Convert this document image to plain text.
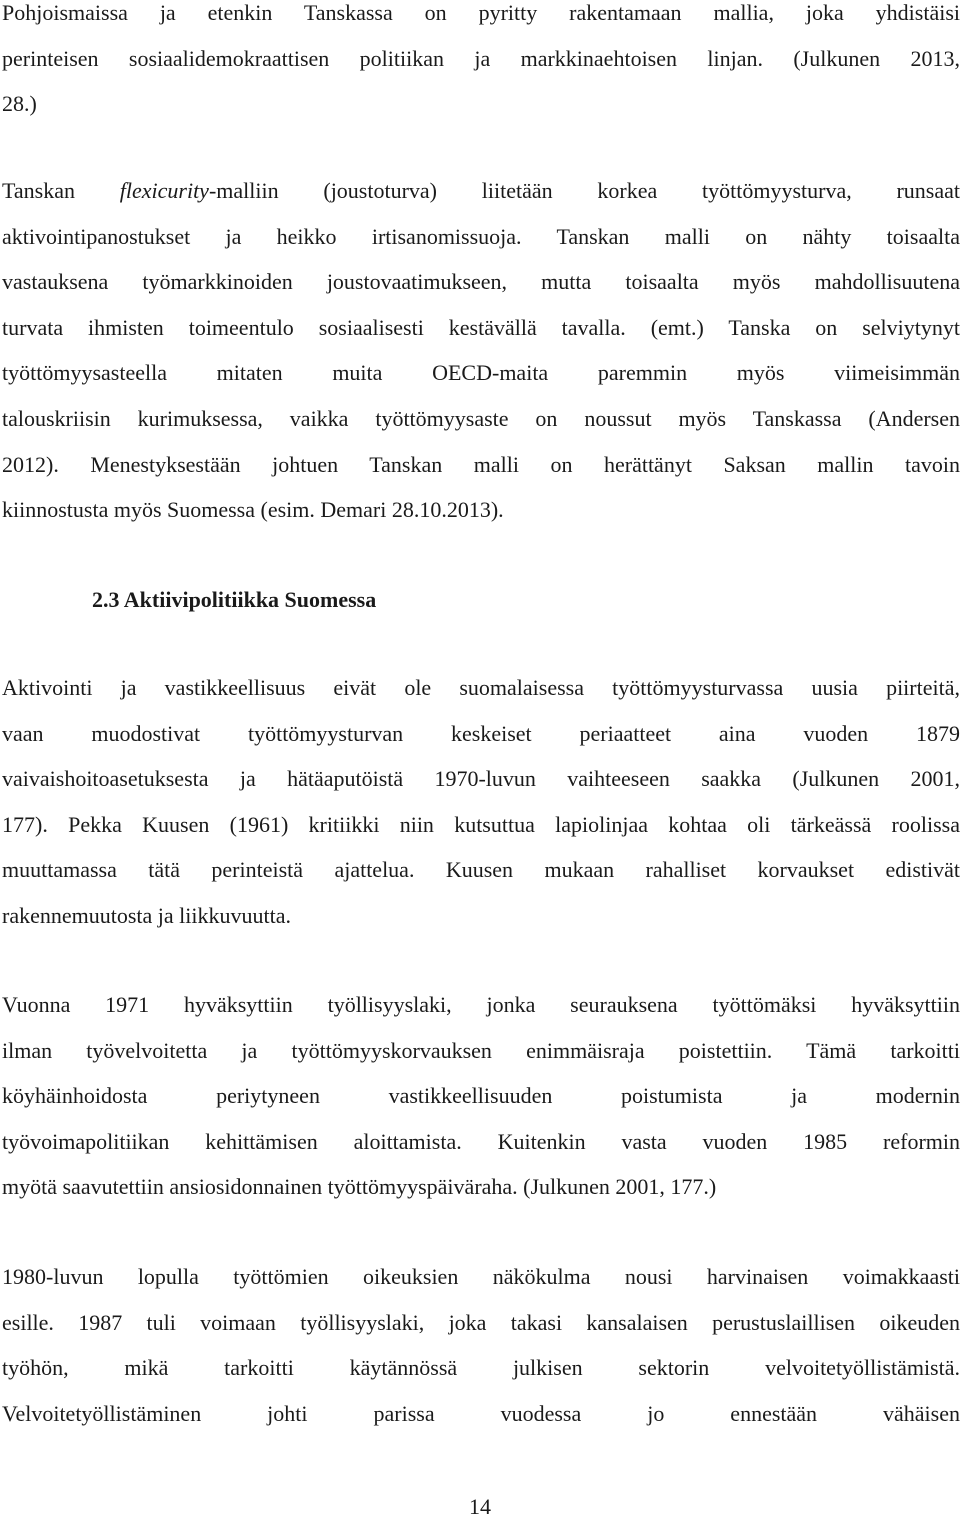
Pohjoismaissa ja etenkin Tanskassa on pyritty rakentamaan mallia, joka yhdistäisi
perinteisen sosiaalidemokraattisen politiikan ja markkinaehtoisen linjan. (Julkunen 2013,
28.)
Tanskan flexicurity-malliin (joustoturva) liitetään korkea työttömyysturva, runsaat
aktivointipanostukset ja heikko irtisanomissuoja. Tanskan malli on nähty toisaalta
vastauksena työmarkkinoiden joustovaatimukseen, mutta toisaalta myös mahdollisuutena
turvata ihmisten toimeentulo sosiaalisesti kestävällä tavalla. (emt.) Tanska on selviytynyt
työttömyysasteella mitaten muita OECD-maita paremmin myös viimeisimmän
talouskriisin kurimuksessa, vaikka työttömyysaste on noussut myös Tanskassa (Andersen
2012). Menestyksestään johtuen Tanskan malli on herättänyt Saksan mallin tavoin
kiinnostusta myös Suomessa (esim. Demari 28.10.2013).
2.3 Aktiivipolitiikka Suomessa
Aktivointi ja vastikkeellisuus eivät ole suomalaisessa työttömyysturvassa uusia piirteitä,
vaan muodostivat työttömyysturvan keskeiset periaatteet aina vuoden 1879
vaivaishoitoasetuksesta ja hätäaputöistä 1970-luvun vaihteeseen saakka (Julkunen 2001,
177). Pekka Kuusen (1961) kritiikki niin kutsuttua lapiolinjaa kohtaa oli tärkeässä roolissa
muuttamassa tätä perinteistä ajattelua. Kuusen mukaan rahalliset korvaukset edistivät
rakennemuutosta ja liikkuvuutta.
Vuonna 1971 hyväksyttiin työllisyyslaki, jonka seurauksena työttömäksi hyväksyttiin
ilman työvelvoitetta ja työttömyyskorvauksen enimmäisraja poistettiin. Tämä tarkoitti
köyhäinhoidosta periytyneen vastikkeellisuuden poistumista ja modernin
työvoimapolitiikan kehittämisen aloittamista. Kuitenkin vasta vuoden 1985 reformin
myötä saavutettiin ansiosidonnainen työttömyyspäiväraha. (Julkunen 2001, 177.)
1980-luvun lopulla työttömien oikeuksien näkökulma nousi harvinaisen voimakkaasti
esille. 1987 tuli voimaan työllisyyslaki, joka takasi kansalaisen perustuslaillisen oikeuden
työhön, mikä tarkoitti käytännössä julkisen sektorin velvoitetyöllistämistä.
Velvoitetyöllistäminen johti parissa vuodessa jo ennestään vähäisen
14
